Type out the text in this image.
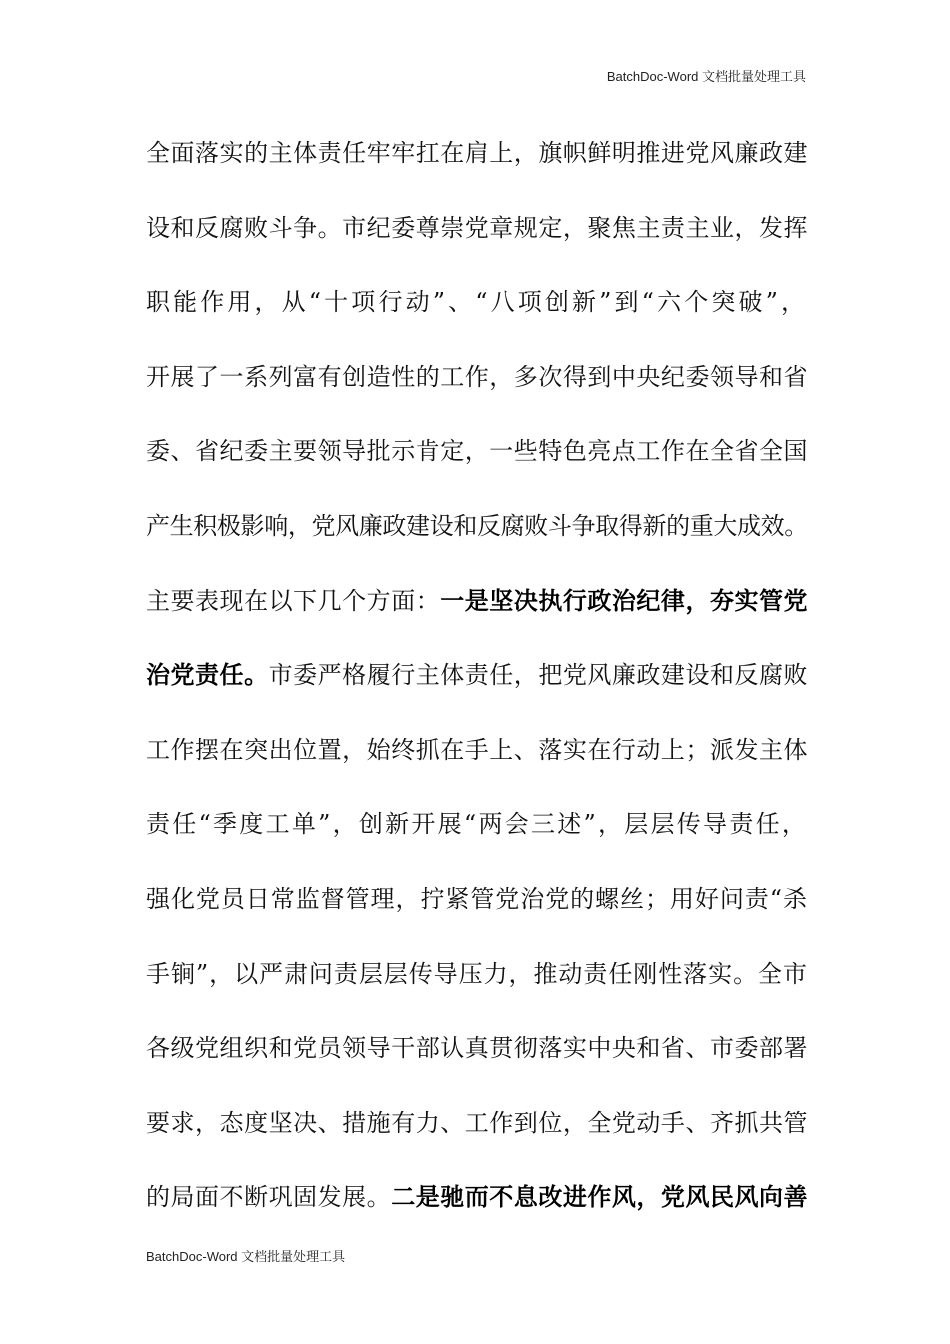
BatchDoc-Word 文档批量处理工具
全面落实的主体责任牢牢扛在肩上，旗帜鲜明推进党风廉政建
设和反腐败斗争。市纪委尊崇党章规定，聚焦主责主业，发挥
职能作用，从“十项行动”、“八项创新”到“六个突破”，
开展了一系列富有创造性的工作，多次得到中央纪委领导和省
委、省纪委主要领导批示肯定，一些特色亮点工作在全省全国
产生积极影响，党风廉政建设和反腐败斗争取得新的重大成效。
主要表现在以下几个方面：一是坚决执行政治纪律，夯实管党
治党责任。市委严格履行主体责任，把党风廉政建设和反腐败
工作摆在突出位置，始终抓在手上、落实在行动上；派发主体
责任“季度工单”，创新开展“两会三述”，层层传导责任，
强化党员日常监督管理，拧紧管党治党的螺丝；用好问责“杀
手锏”，以严肃问责层层传导压力，推动责任刚性落实。全市
各级党组织和党员领导干部认真贯彻落实中央和省、市委部署
要求，态度坚决、措施有力、工作到位，全党动手、齐抓共管
的局面不断巩固发展。二是驰而不息改进作风，党风民风向善
BatchDoc-Word 文档批量处理工具
